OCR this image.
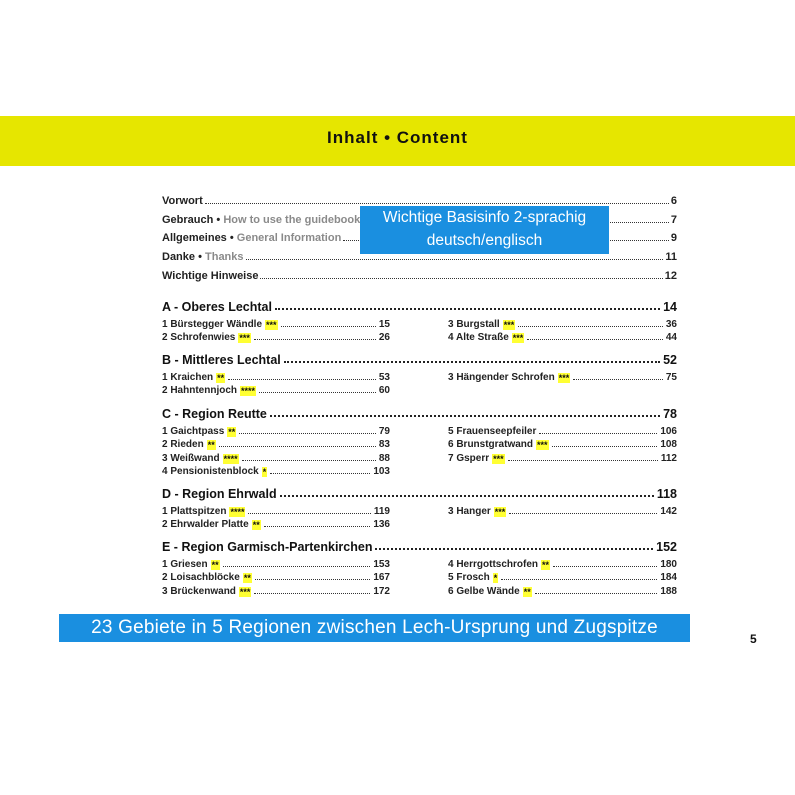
Inhalt • Content
Vorwort	6
Gebrauch • How to use the guidebook	7
Allgemeines • General Information	9
Danke • Thanks	11
Wichtige Hinweise	12
A - Oberes Lechtal	14
1 Bürstegger Wändle ***	15
2 Schrofenwies ***	26
3 Burgstall ***	36
4 Alte Straße ***	44
B - Mittleres Lechtal	52
1 Kraichen **	53
2 Hahntennjoch ****	60
3 Hängender Schrofen ***	75
C - Region Reutte	78
1 Gaichtpass **	79
2 Rieden **	83
3 Weißwand ****	88
4 Pensionistenblock *	103
5 Frauenseepfeiler	106
6 Brunstgratwand ***	108
7 Gsperr ***	112
D - Region Ehrwald	118
1 Plattspitzen ****	119
2 Ehrwalder Platte **	136
3 Hanger ***	142
E - Region Garmisch-Partenkirchen	152
1 Griesen **	153
2 Loisachblöcke **	167
3 Brückenwand ***	172
4 Herrgottschrofen **	180
5 Frosch *	184
6 Gelbe Wände **	188
Wichtige Basisinfo 2-sprachig
deutsch/englisch
23 Gebiete in 5 Regionen zwischen Lech-Ursprung und Zugspitze
5
